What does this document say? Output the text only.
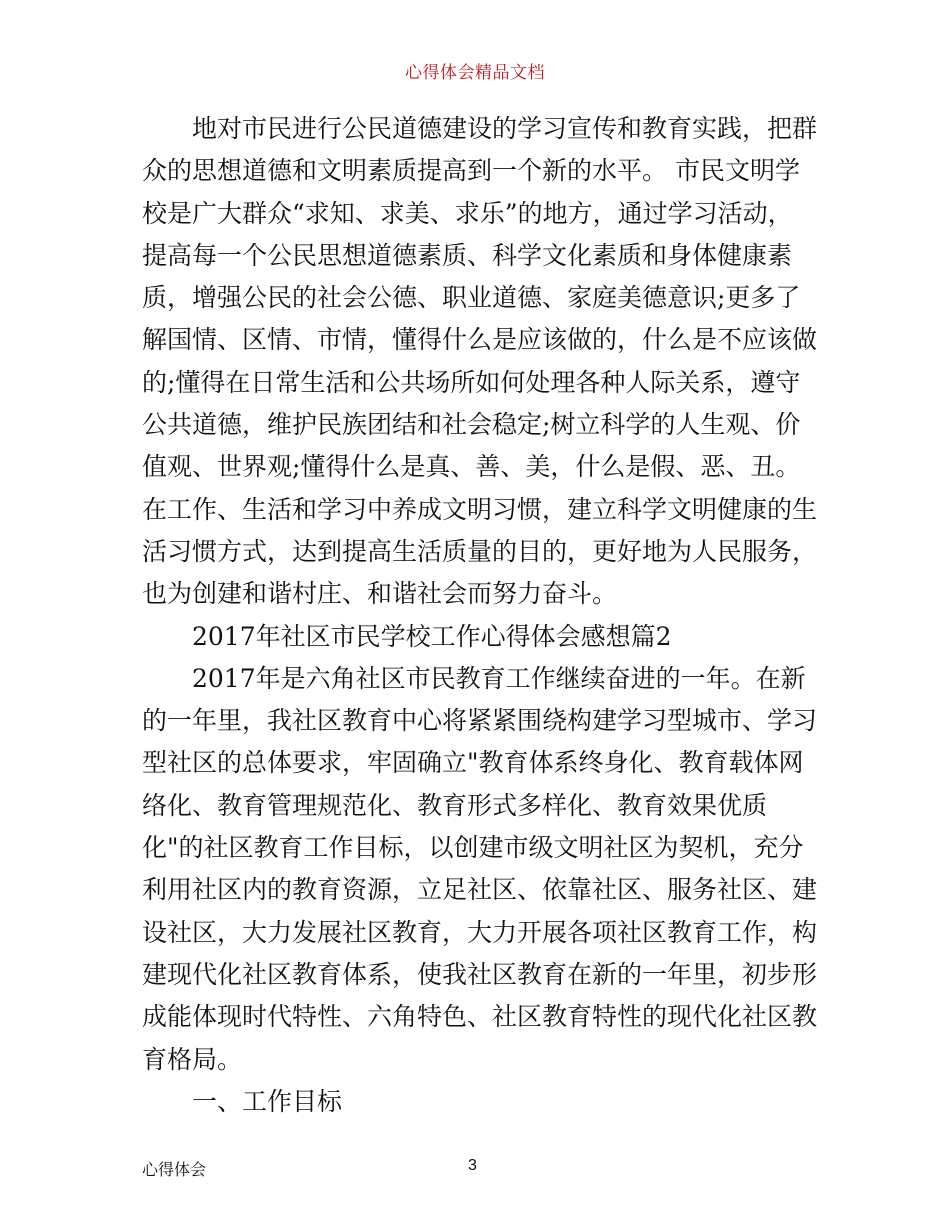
心得体会精品文档
地对市民进行公民道德建设的学习宣传和教育实践，把群
众的思想道德和文明素质提高到一个新的水平。 市民文明学
校是广大群众“求知、求美、求乐”的地方，通过学习活动，
提高每一个公民思想道德素质、科学文化素质和身体健康素
质，增强公民的社会公德、职业道德、家庭美德意识;更多了
解国情、区情、市情，懂得什么是应该做的，什么是不应该做
的;懂得在日常生活和公共场所如何处理各种人际关系，遵守
公共道德，维护民族团结和社会稳定;树立科学的人生观、价
值观、世界观;懂得什么是真、善、美，什么是假、恶、丑。
在工作、生活和学习中养成文明习惯，建立科学文明健康的生
活习惯方式，达到提高生活质量的目的，更好地为人民服务，
也为创建和谐村庄、和谐社会而努力奋斗。
2017年社区市民学校工作心得体会感想篇2
2017年是六角社区市民教育工作继续奋进的一年。在新
的一年里，我社区教育中心将紧紧围绕构建学习型城市、学习
型社区的总体要求，牢固确立"教育体系终身化、教育载体网
络化、教育管理规范化、教育形式多样化、教育效果优质
化"的社区教育工作目标，以创建市级文明社区为契机，充分
利用社区内的教育资源，立足社区、依靠社区、服务社区、建
设社区，大力发展社区教育，大力开展各项社区教育工作，构
建现代化社区教育体系，使我社区教育在新的一年里，初步形
成能体现时代特性、六角特色、社区教育特性的现代化社区教
育格局。
一、工作目标
心得体会	3
